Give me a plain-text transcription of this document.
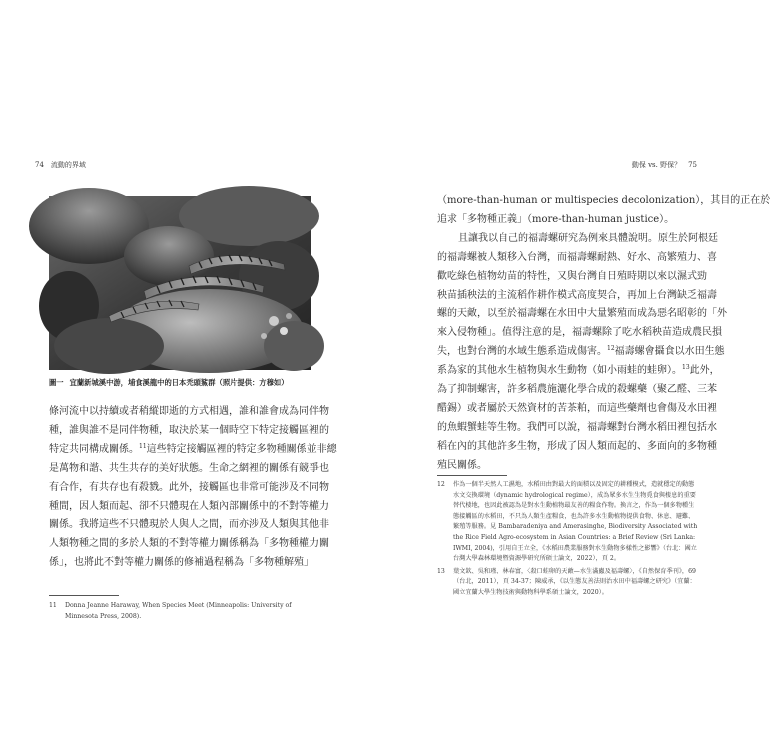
74　流動的界域
圖一 宜蘭新城溪中游，埔食溪龍中的日本禿頭鯊群（照片提供：方穆如）
條河流中以持續或者稍縱即逝的方式相遇，誰和誰會成為同伴物
種，誰與誰不是同伴物種，取決於某一個時空下特定接觸區裡的
特定共同構成關係。$^{11}$這些特定接觸區裡的特定多物種關係並非總
是萬物和諧、共生共存的美好狀態。生命之網裡的關係有競爭也
有合作，有共存也有殺戮。此外，接觸區也非常可能涉及不同物
種間，因人類而起、卻不只體現在人類內部關係中的不對等權力
關係。我將這些不只體現於人與人之間，而亦涉及人類與其他非
人類物種之間的多於人類的不對等權力關係稱為「多物種權力關
係」，也將此不對等權力關係的修補過程稱為「多物種解殖」
11 Donna Jeanne Haraway, When Species Meet (Minneapolis: University of Minnesota Press, 2008).
動保 vs. 野保？　75
（more-than-human or multispecies decolonization），其目的正在於
追求「多物種正義」（more-than-human justice）。
且讓我以自己的福壽螺研究為例來具體說明。原生於阿根廷
的福壽螺被人類移入台灣，而福壽螺耐熱、好水、高繁殖力、喜
歡吃綠色植物幼苗的特性，又與台灣自日殖時期以來以濕式勁
秧苗插秧法的主流稻作耕作模式高度契合，再加上台灣缺乏福壽
螺的天敵，以至於福壽螺在水田中大量繁殖而成為惡名昭彰的「外
來入侵物種」。值得注意的是，福壽螺除了吃水稻秧苗造成農民損
失，也對台灣的水域生態系造成傷害。$^{12}$福壽螺會攝食以水田生態
系為家的其他水生植物與水生動物（如小雨蛙的蛙卵）。$^{13}$此外，
為了抑制螺害，許多稻農施灑化學合成的殺螺藥（聚乙醛、三苯
醋錫）或者屬於天然資材的苦茶粕，而這些藥劑也會傷及水田裡
的魚蝦蟹蛙等生物。我們可以說，福壽螺對台灣水稻田裡包括水
稻在內的其他許多生物，形成了因人類而起的、多面向的多物種
殖民關係。
12 作為一個半天然人工濕地，水稻田由對最大的面積以及固定的耕種模式，造就穩定的動態水文交換環境（dynamic hydrological regime），成為眾多水生生物覓食與棲息的重要替代棲地，也因此被認為是對水生動植物最友善的糧食作物。換言之，作為一個多物種生態接觸區的水稻田，不只為人類生產糧食，也為許多水生動植物提供食物、休息、避難、繁殖等服務。見 Bambaradeniya and Amerasinghe, Biodiversity Associated with the Rice Field Agro-ecosystem in Asian Countries: a Brief Review (Sri Lanka: IWMI, 2004)，引用自王立全，《水稻田農業服務對水生動物多樣性之影響》（台北：國立台灣大學森林環境暨資源學研究所碩士論文，2022），頁 2。
13 葉文欽、吳和瑾、林春富，〈殺口蛙卵的天敵—水生滿蟲及福壽螺〉，《自然保育季刊》，69（台北，2011），頁 34-37；陳威承，《以生態友善法則治水田中福壽螺之研究》（宜蘭：國立宜蘭大學生物技術與動物科學系碩士論文，2020）。
